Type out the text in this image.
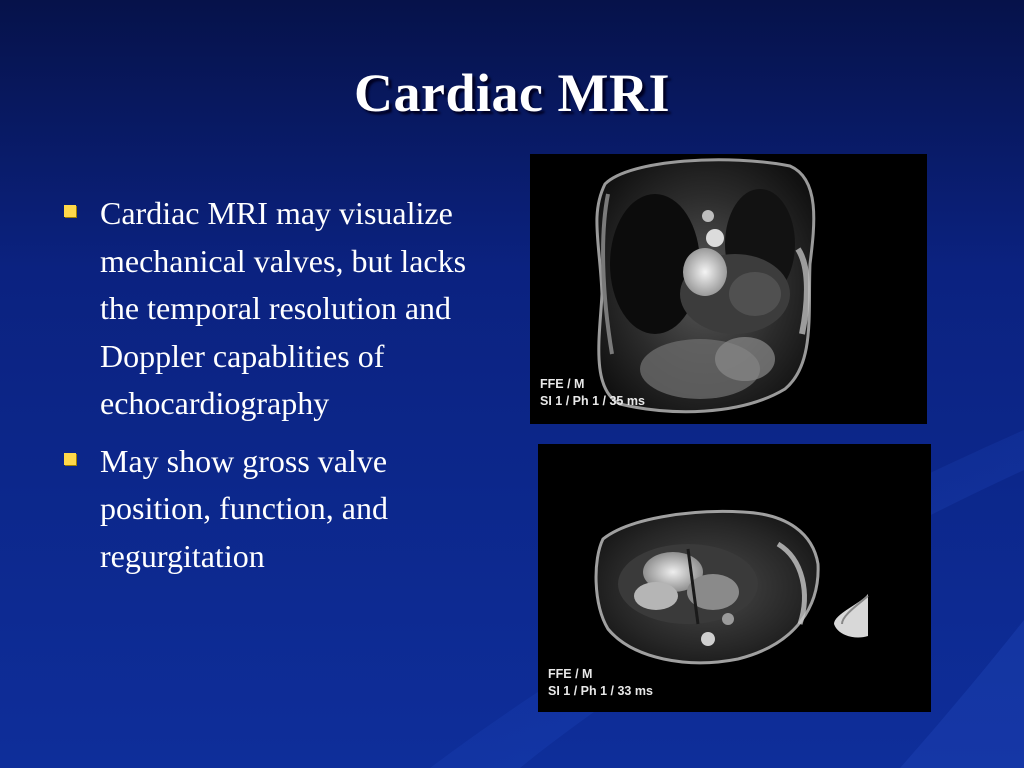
Cardiac MRI
Cardiac MRI may visualize mechanical valves, but lacks the temporal resolution and Doppler capablities of echocardiography
May show gross valve position, function, and regurgitation
FFE / M
SI 1 / Ph 1 / 35 ms
FFE / M
SI 1 / Ph 1 / 33 ms
